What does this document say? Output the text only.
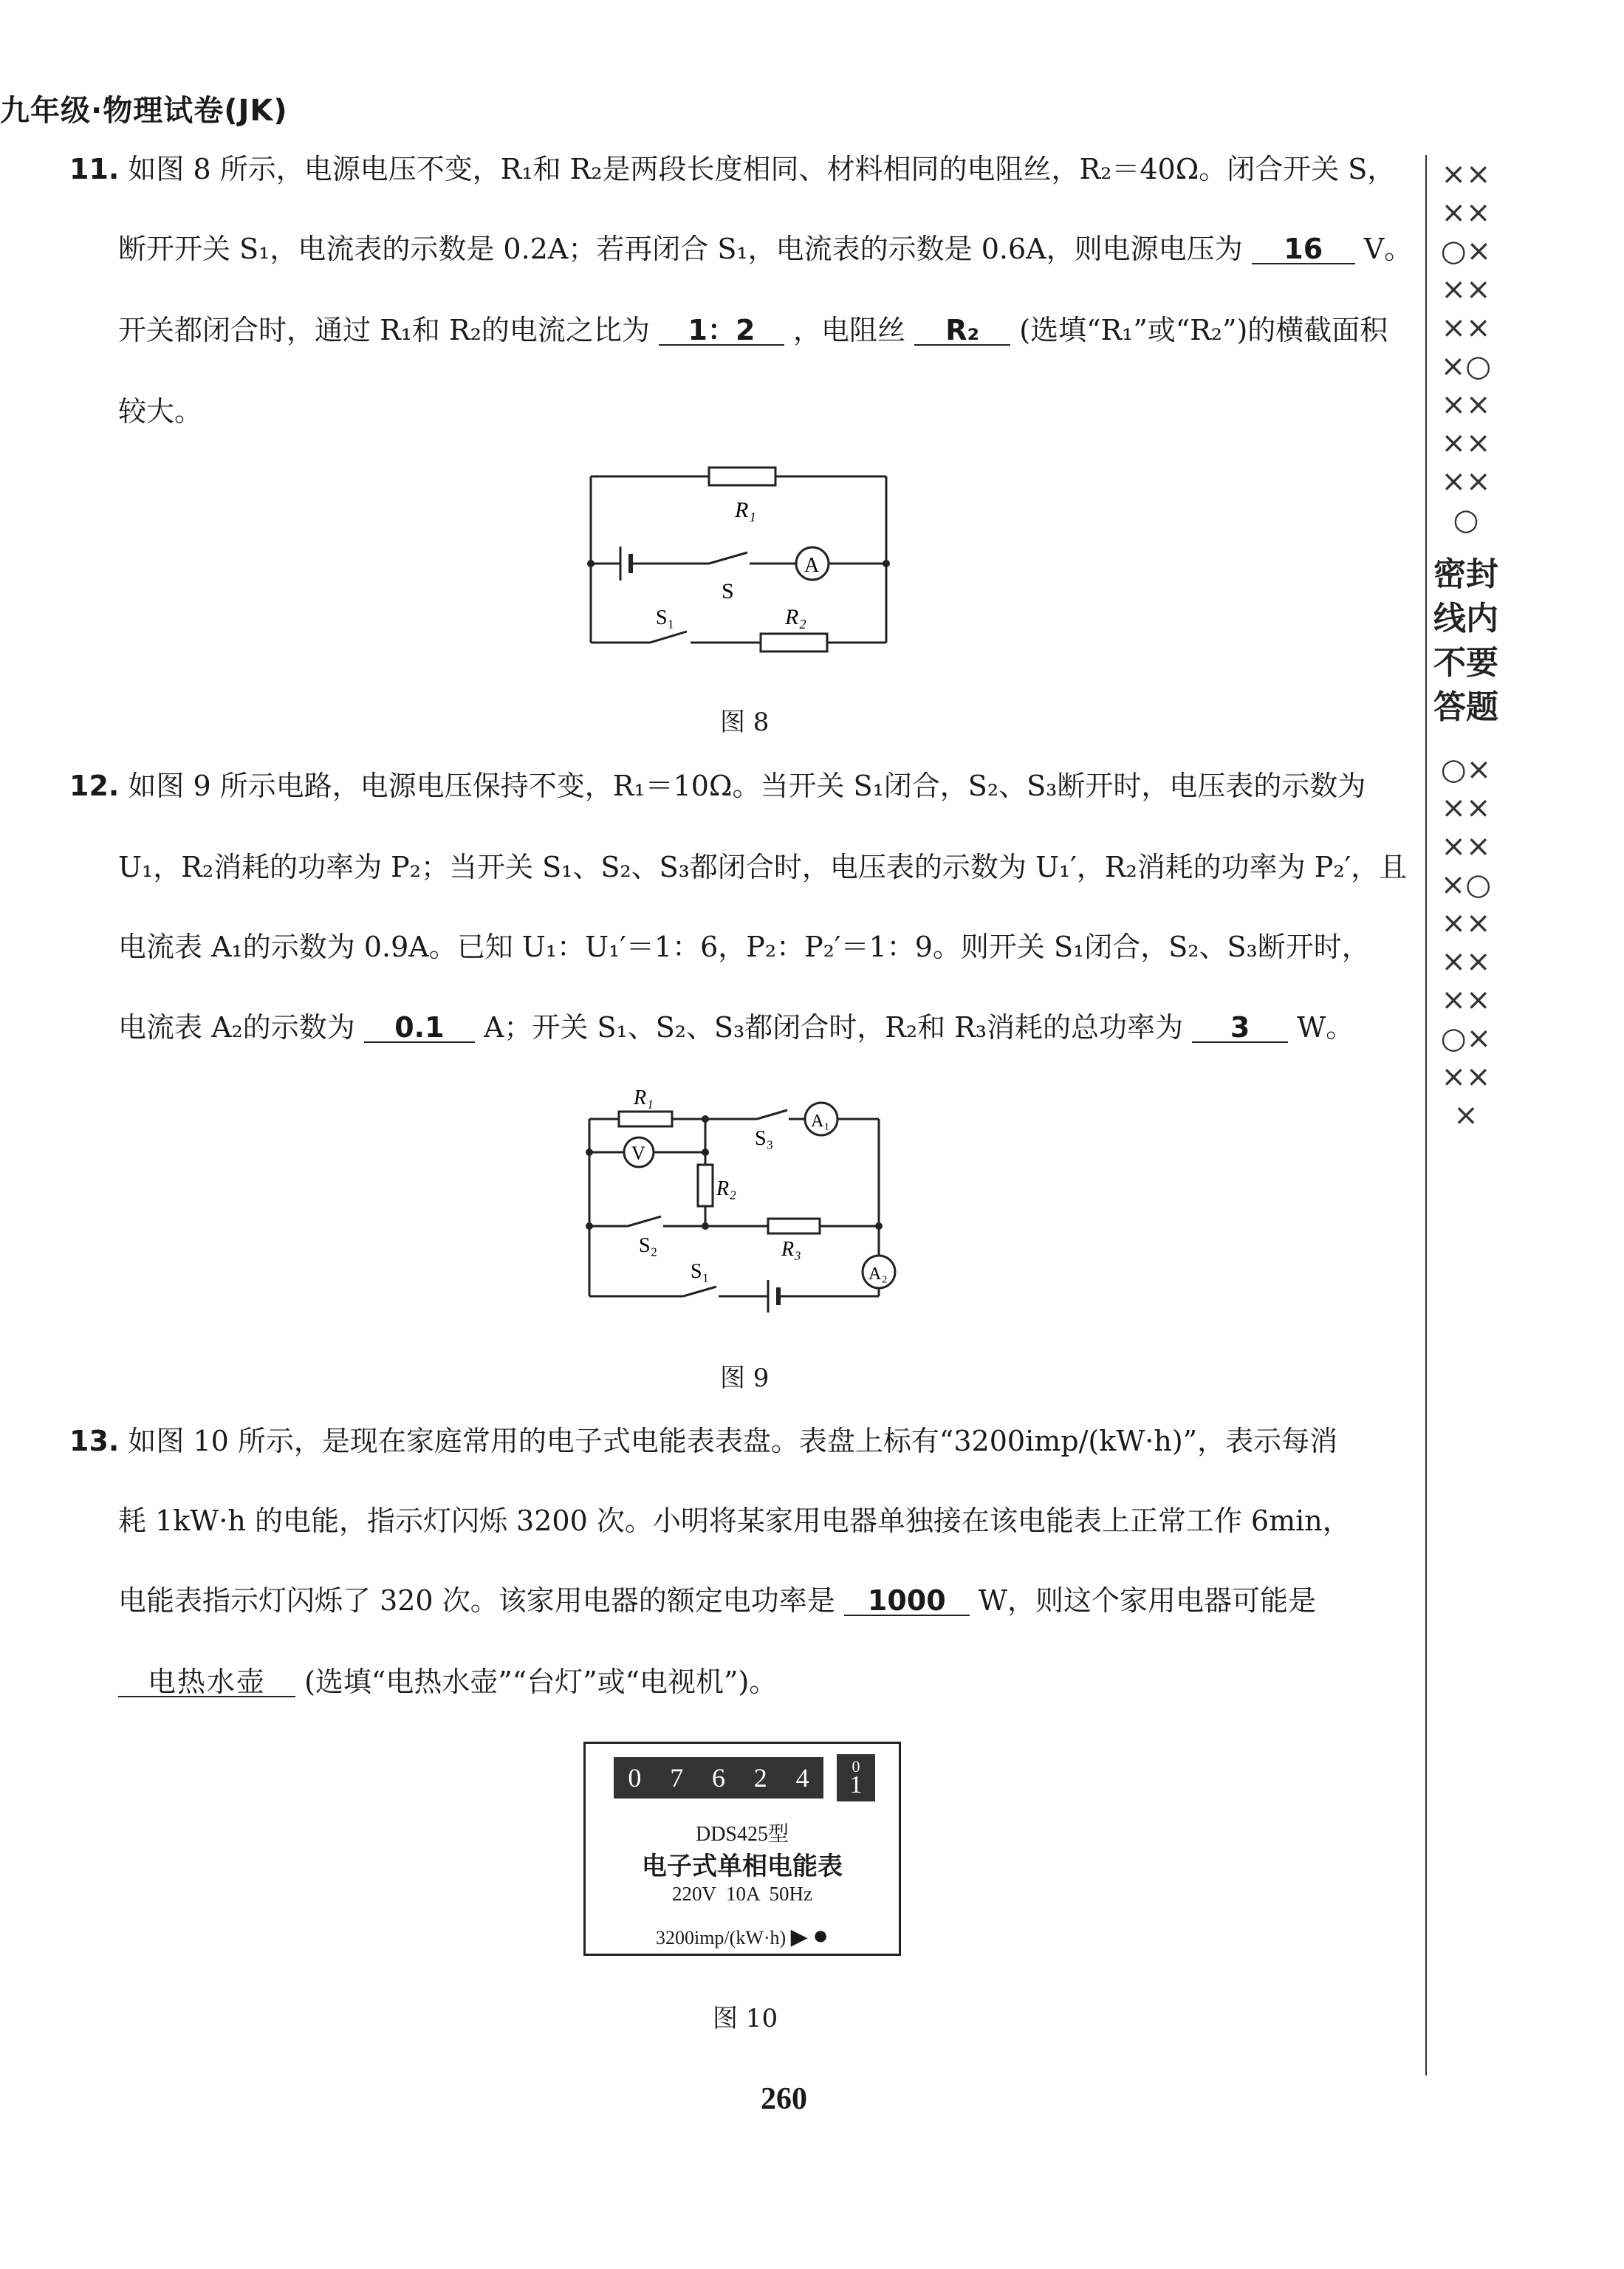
九年级·物理试卷(JK)
11. 如图 8 所示，电源电压不变，R₁和 R₂是两段长度相同、材料相同的电阻丝，R₂＝40Ω。闭合开关 S，
断开开关 S₁，电流表的示数是 0.2A；若再闭合 S₁，电流表的示数是 0.6A，则电源电压为 16 V。
开关都闭合时，通过 R₁和 R₂的电流之比为 1：2 ，电阻丝 R₂ (选填“R₁”或“R₂”)的横截面积
较大。
R₁
S
A
S₁	R₂
图 8
12. 如图 9 所示电路，电源电压保持不变，R₁＝10Ω。当开关 S₁闭合，S₂、S₃断开时，电压表的示数为
U₁，R₂消耗的功率为 P₂；当开关 S₁、S₂、S₃都闭合时，电压表的示数为 U₁′，R₂消耗的功率为 P₂′，且
电流表 A₁的示数为 0.9A。已知 U₁：U₁′＝1：6，P₂：P₂′＝1：9。则开关 S₁闭合，S₂、S₃断开时，
电流表 A₂的示数为 0.1 A；开关 S₁、S₂、S₃都闭合时，R₂和 R₃消耗的总功率为 3 W。
R₁
V
R₂
S₃
A₁
S₂	R₃
A₂
S₁
图 9
13. 如图 10 所示，是现在家庭常用的电子式电能表表盘。表盘上标有“3200imp/(kW·h)”，表示每消
耗 1kW·h 的电能，指示灯闪烁 3200 次。小明将某家用电器单独接在该电能表上正常工作 6min，
电能表指示灯闪烁了 320 次。该家用电器的额定电功率是 1000 W，则这个家用电器可能是
电热水壶 (选填“电热水壶”“台灯”或“电视机”)。
0 7 6 2 4	0
1
DDS425型
电子式单相电能表
220V  10A  50Hz
3200imp/(kW·h) ▶ ●
图 10
260
××××○××××××○××××××○
密封线内不要答题
○××××××○××××××○××××
